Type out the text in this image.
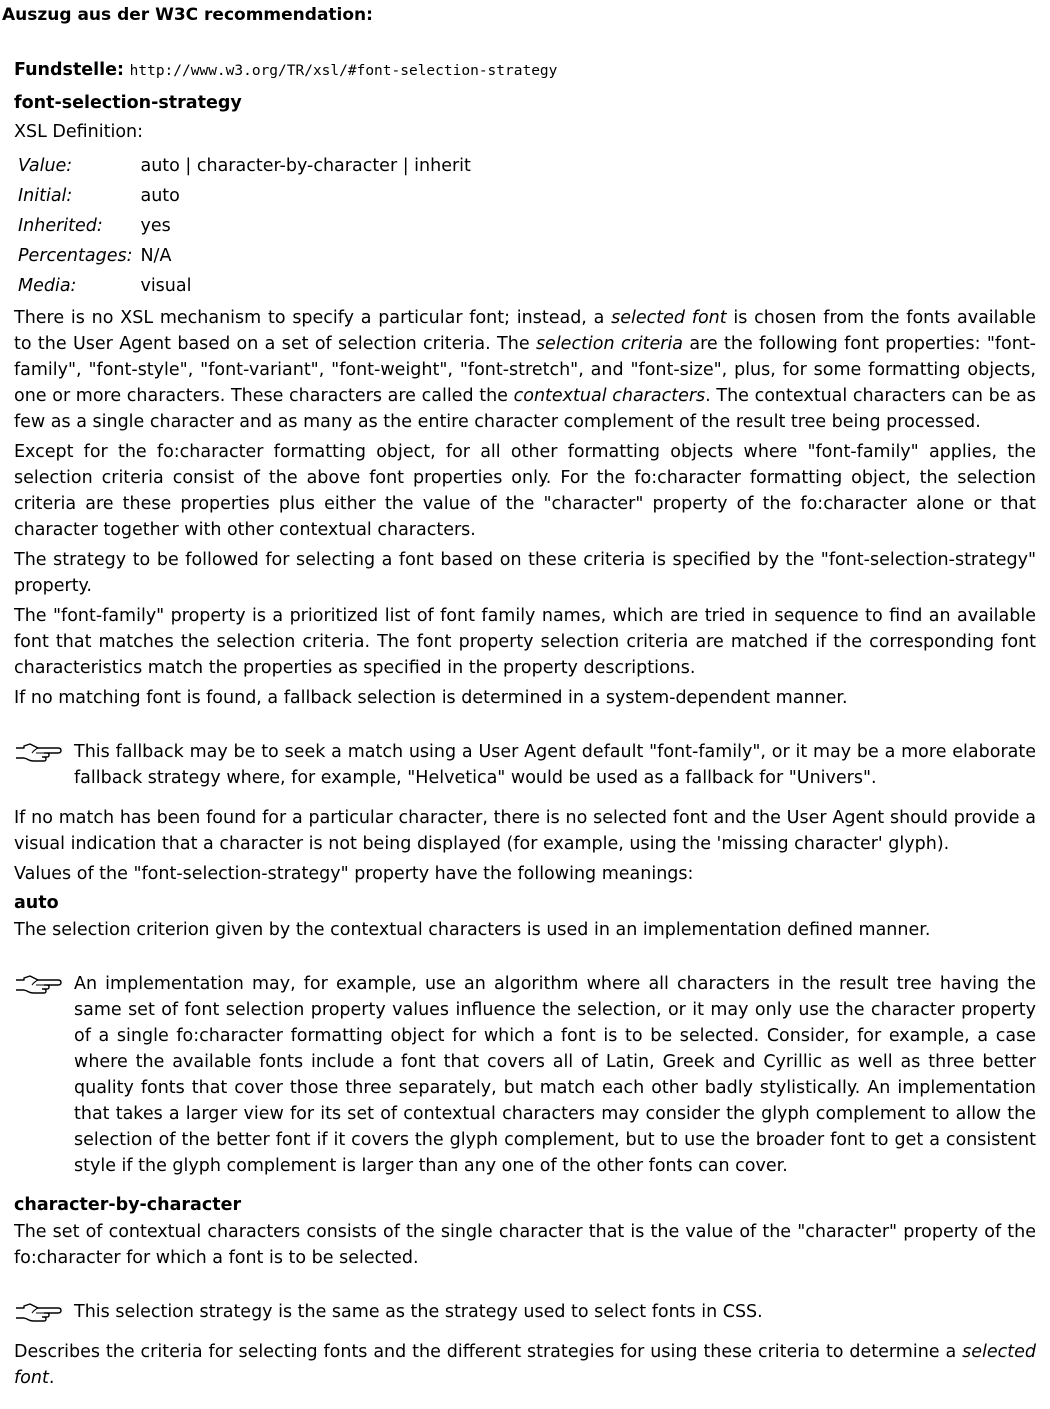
Auszug aus der W3C recommendation:
Fundstelle: http://www.w3.org/TR/xsl/#font-selection-strategy
font-selection-strategy
XSL Definition:
Value:	auto | character-by-character | inherit
Initial:	auto
Inherited:	yes
Percentages:	N/A
Media:	visual

There is no XSL mechanism to specify a particular font; instead, a selected font is chosen from the fonts available to the User Agent based on a set of selection criteria. The selection criteria are the following font properties: "font-family", "font-style", "font-variant", "font-weight", "font-stretch", and "font-size", plus, for some formatting objects, one or more characters. These characters are called the contextual characters. The contextual characters can be as few as a single character and as many as the entire character complement of the result tree being processed.

Except for the fo:character formatting object, for all other formatting objects where "font-family" applies, the selection criteria consist of the above font properties only. For the fo:character formatting object, the selection criteria are these properties plus either the value of the "character" property of the fo:character alone or that character together with other contextual characters.

The strategy to be followed for selecting a font based on these criteria is specified by the "font-selection-strategy" property.

The "font-family" property is a prioritized list of font family names, which are tried in sequence to find an available font that matches the selection criteria. The font property selection criteria are matched if the corresponding font characteristics match the properties as specified in the property descriptions.

If no matching font is found, a fallback selection is determined in a system-dependent manner.

This fallback may be to seek a match using a User Agent default "font-family", or it may be a more elaborate fallback strategy where, for example, "Helvetica" would be used as a fallback for "Univers".

If no match has been found for a particular character, there is no selected font and the User Agent should provide a visual indication that a character is not being displayed (for example, using the 'missing character' glyph).

Values of the "font-selection-strategy" property have the following meanings:

auto

The selection criterion given by the contextual characters is used in an implementation defined manner.

An implementation may, for example, use an algorithm where all characters in the result tree having the same set of font selection property values influence the selection, or it may only use the character property of a single fo:character formatting object for which a font is to be selected. Consider, for example, a case where the available fonts include a font that covers all of Latin, Greek and Cyrillic as well as three better quality fonts that cover those three separately, but match each other badly stylistically. An implementation that takes a larger view for its set of contextual characters may consider the glyph complement to allow the selection of the better font if it covers the glyph complement, but to use the broader font to get a consistent style if the glyph complement is larger than any one of the other fonts can cover.
character-by-character

The set of contextual characters consists of the single character that is the value of the "character" property of the fo:character for which a font is to be selected.

This selection strategy is the same as the strategy used to select fonts in CSS.

Describes the criteria for selecting fonts and the different strategies for using these criteria to determine a selected font.
